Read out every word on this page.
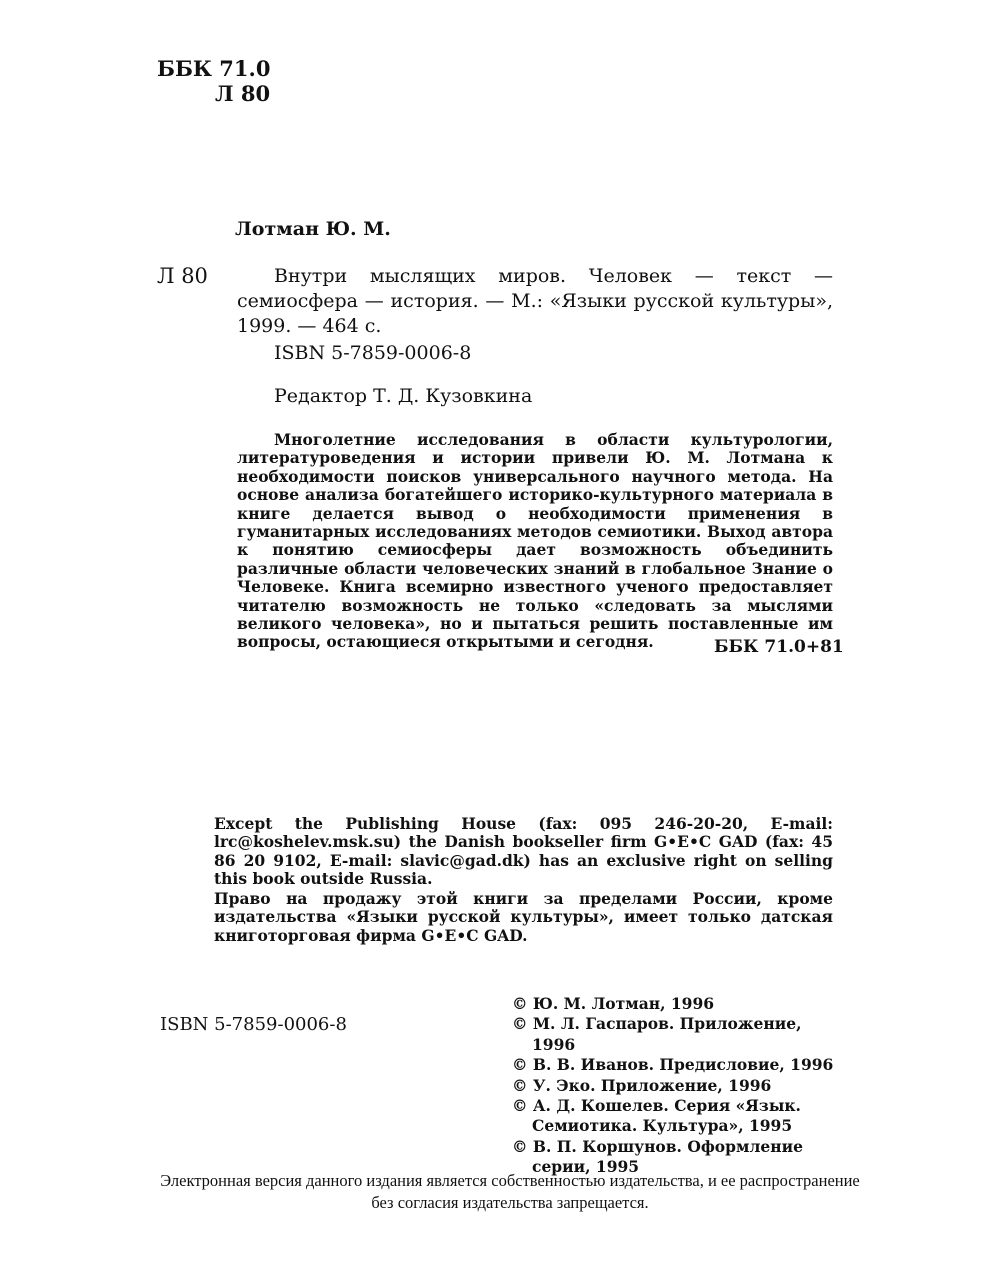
ББК 71.0
Л 80
Лотман Ю. М.
Л 80	Внутри мыслящих миров. Человек — текст — семиосфера — история. — М.: «Языки русской культуры», 1999. — 464 с.
ISBN 5-7859-0006-8
Редактор Т. Д. Кузовкина
Многолетние исследования в области культурологии, литературоведения и истории привели Ю. М. Лотмана к необходимости поисков универсального научного метода. На основе анализа богатейшего историко-культурного материала в книге делается вывод о необходимости применения в гуманитарных исследованиях методов семиотики. Выход автора к понятию семиосферы дает возможность объединить различные области человеческих знаний в глобальное Знание о Человеке. Книга всемирно известного ученого предоставляет читателю возможность не только «следовать за мыслями великого человека», но и пытаться решить поставленные им вопросы, остающиеся открытыми и сегодня.	ББК 71.0+81
Except the Publishing House (fax: 095 246-20-20, E-mail: lrc@koshelev.msk.su) the Danish bookseller firm G•E•C GAD (fax: 45 86 20 9102, E-mail: slavic@gad.dk) has an exclusive right on selling this book outside Russia.
Право на продажу этой книги за пределами России, кроме издательства «Языки русской культуры», имеет только датская книготорговая фирма G•E•C GAD.
ISBN 5-7859-0006-8
© Ю. М. Лотман, 1996
© М. Л. Гаспаров. Приложение, 1996
© В. В. Иванов. Предисловие, 1996
© У. Эко. Приложение, 1996
© А. Д. Кошелев. Серия «Язык. Семиотика. Культура», 1995
© В. П. Коршунов. Оформление серии, 1995
Электронная версия данного издания является собственностью издательства, и ее распространение без согласия издательства запрещается.
